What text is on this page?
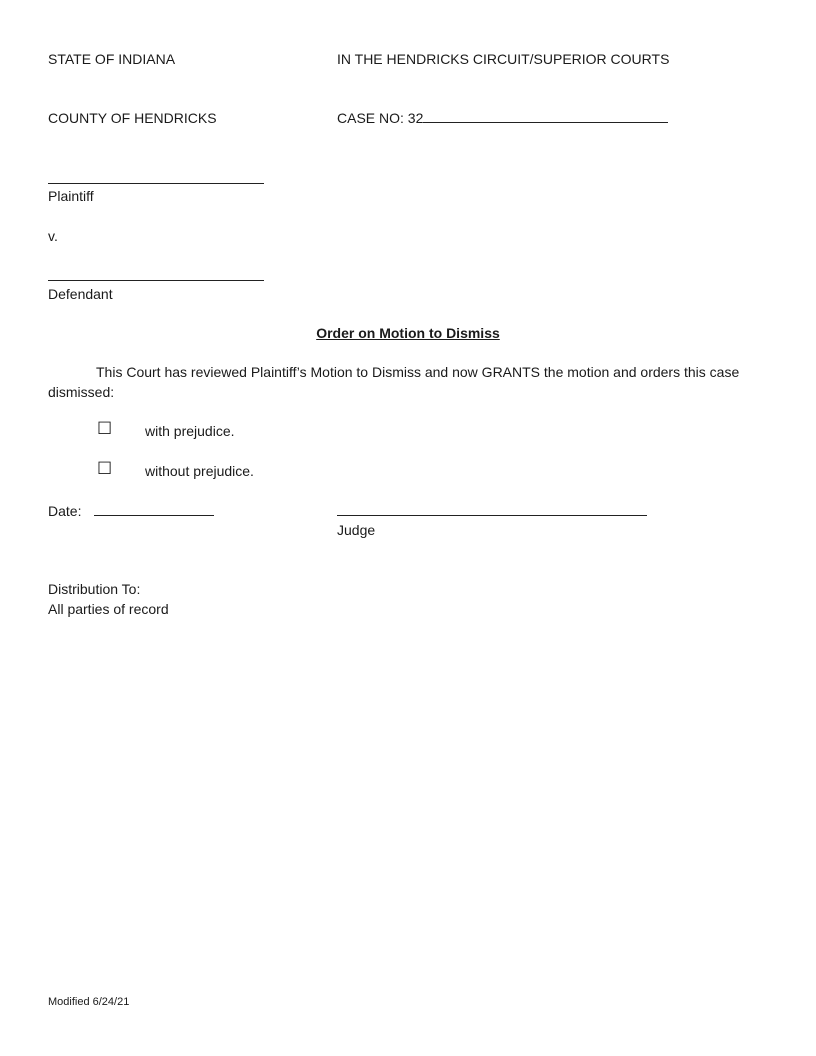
STATE OF INDIANA	IN THE HENDRICKS CIRCUIT/SUPERIOR COURTS
COUNTY OF HENDRICKS	CASE NO: 32
Plaintiff
v.
Defendant
Order on Motion to Dismiss
This Court has reviewed Plaintiff’s Motion to Dismiss and now GRANTS the motion and orders this case dismissed:
☐ with prejudice.
☐ without prejudice.
Date:
Judge
Distribution To:
All parties of record
Modified 6/24/21
